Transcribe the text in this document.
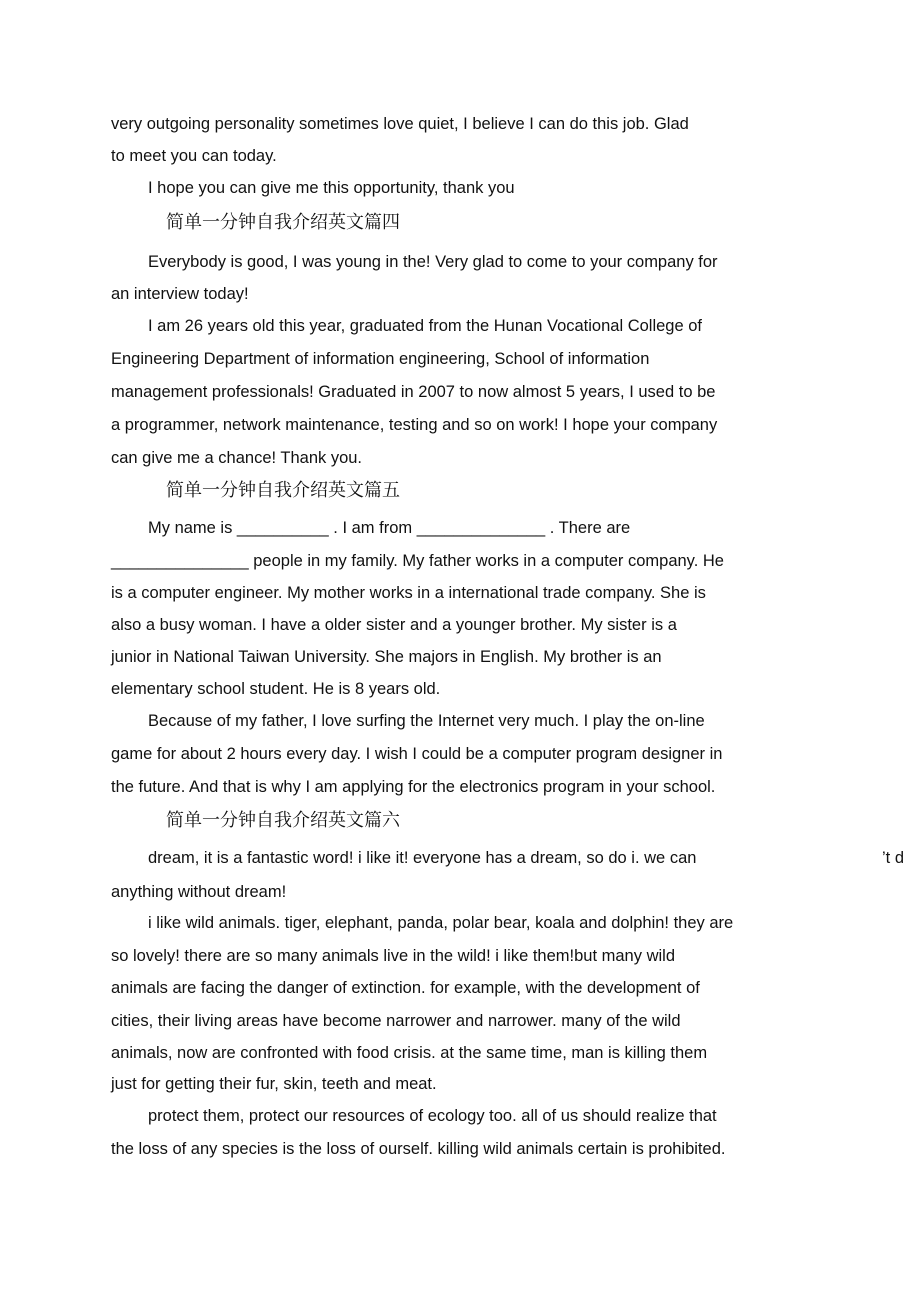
very outgoing personality sometimes love quiet, I believe I can do this job. Glad
to meet you can today.
I hope you can give me this opportunity, thank you
简单一分钟自我介绍英文篇四
Everybody is good, I was young in the! Very glad to come to your company for
an interview today!
I am 26 years old this year, graduated from the Hunan Vocational College of
Engineering Department of information engineering, School of information
management professionals! Graduated in 2007 to now almost 5 years, I used to be
a programmer, network maintenance, testing and so on work! I hope your company
can give me a chance! Thank you.
简单一分钟自我介绍英文篇五
My name is __________ . I am from ______________ . There are
_______________ people in my family. My father works in a computer company. He
is a computer engineer. My mother works in a international trade company. She is
also a busy woman. I have a older sister and a younger brother. My sister is a
junior in National Taiwan University. She majors in English. My brother is an
elementary school student. He is 8 years old.
Because of my father, I love surfing the Internet very much. I play the on-line
game for about 2 hours every day. I wish I could be a computer program designer in
the future. And that is why I am applying for the electronics program in your school.
简单一分钟自我介绍英文篇六
dream, it is a fantastic word! i like it! everyone has a dream, so do i. we can	’t d
anything without dream!
i like wild animals. tiger, elephant, panda, polar bear, koala and dolphin! they are
so lovely! there are so many animals live in the wild! i like them!but many wild
animals are facing the danger of extinction. for example, with the development of
cities, their living areas have become narrower and narrower. many of the wild
animals, now are confronted with food crisis. at the same time, man is killing them
just for getting their fur, skin, teeth and meat.
protect them, protect our resources of ecology too. all of us should realize that
the loss of any species is the loss of ourself. killing wild animals certain is prohibited.
